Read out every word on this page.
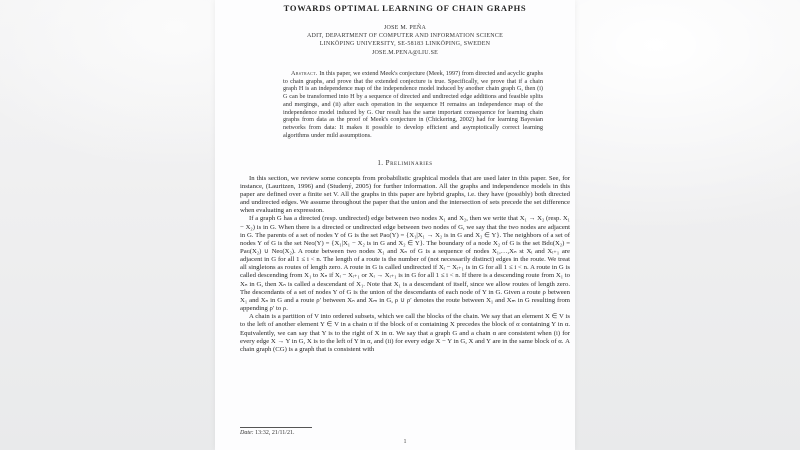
TOWARDS OPTIMAL LEARNING OF CHAIN GRAPHS
JOSE M. PEÑA
ADIT, DEPARTMENT OF COMPUTER AND INFORMATION SCIENCE
LINKÖPING UNIVERSITY, SE-58183 LINKÖPING, SWEDEN
JOSE.M.PENA@LIU.SE
Abstract. In this paper, we extend Meek's conjecture (Meek, 1997) from directed and acyclic graphs to chain graphs, and prove that the extended conjecture is true. Specifically, we prove that if a chain graph H is an independence map of the independence model induced by another chain graph G, then (i) G can be transformed into H by a sequence of directed and undirected edge additions and feasible splits and mergings, and (ii) after each operation in the sequence H remains an independence map of the independence model induced by G. Our result has the same important consequence for learning chain graphs from data as the proof of Meek's conjecture in (Chickering, 2002) had for learning Bayesian networks from data: It makes it possible to develop efficient and asymptotically correct learning algorithms under mild assumptions.
1. Preliminaries

In this section, we review some concepts from probabilistic graphical models that are used later in this paper. See, for instance, (Lauritzen, 1996) and (Studený, 2005) for further information. All the graphs and independence models in this paper are defined over a finite set V. All the graphs in this paper are hybrid graphs, i.e. they have (possibly) both directed and undirected edges. We assume throughout the paper that the union and the intersection of sets precede the set difference when evaluating an expression.

If a graph G has a directed (resp. undirected) edge between two nodes X₁ and X₂, then we write that X₁ → X₂ (resp. X₁ − X₂) is in G. When there is a directed or undirected edge between two nodes of G, we say that the two nodes are adjacent in G. The parents of a set of nodes Y of G is the set Paɢ(Y) = {X₁|X₁ → X₂ is in G and X₂ ∈ Y}. The neighbors of a set of nodes Y of G is the set Neɢ(Y) = {X₁|X₁ − X₂ is in G and X₂ ∈ Y}. The boundary of a node X₂ of G is the set Bdɢ(X₂) = Paɢ(X₂) ∪ Neɢ(X₂). A route between two nodes X₁ and Xₙ of G is a sequence of nodes X₁,…,Xₙ st Xᵢ and Xᵢ₊₁ are adjacent in G for all 1 ≤ i < n. The length of a route is the number of (not necessarily distinct) edges in the route. We treat all singletons as routes of length zero. A route in G is called undirected if Xᵢ − Xᵢ₊₁ is in G for all 1 ≤ i < n. A route in G is called descending from X₁ to Xₙ if Xᵢ − Xᵢ₊₁ or Xᵢ → Xᵢ₊₁ is in G for all 1 ≤ i < n. If there is a descending route from X₁ to Xₙ in G, then Xₙ is called a descendant of X₁. Note that X₁ is a descendant of itself, since we allow routes of length zero. The descendants of a set of nodes Y of G is the union of the descendants of each node of Y in G. Given a route ρ between X₁ and Xₙ in G and a route ρ′ between Xₙ and Xₘ in G, ρ ∪ ρ′ denotes the route between X₁ and Xₘ in G resulting from appending ρ′ to ρ.

A chain is a partition of V into ordered subsets, which we call the blocks of the chain. We say that an element X ∈ V is to the left of another element Y ∈ V in a chain α if the block of α containing X precedes the block of α containing Y in α. Equivalently, we can say that Y is to the right of X in α. We say that a graph G and a chain α are consistent when (i) for every edge X → Y in G, X is to the left of Y in α, and (ii) for every edge X − Y in G, X and Y are in the same block of α. A chain graph (CG) is a graph that is consistent with

Date: 13:32, 21/11/21.
1
